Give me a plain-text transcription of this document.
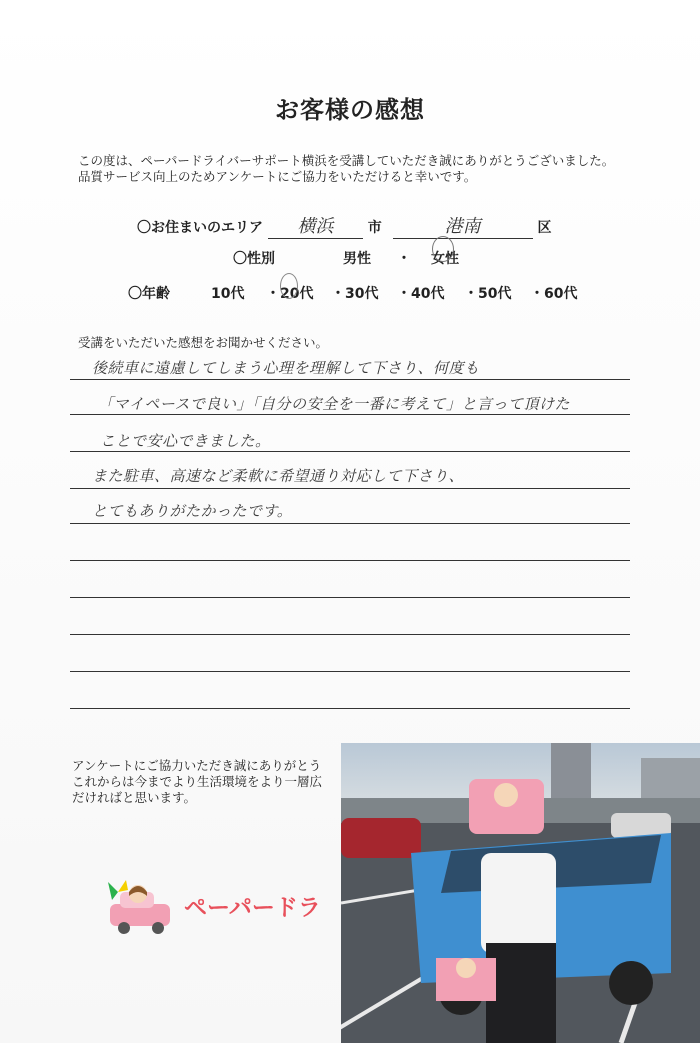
お客様の感想
この度は、ペーパードライバーサポート横浜を受講していただき誠にありがとうございました。
品質サービス向上のためアンケートにご協力をいただけると幸いです。
〇お住まいのエリア 横浜 市	港南	区
〇性別	男性 ・ 女性
〇年齢	10代 ・20代 ・30代 ・40代 ・50代 ・60代
受講をいただいた感想をお聞かせください。
後続車に遠慮してしまう心理を理解して下さり、何度も
「マイペースで良い」「自分の安全を一番に考えて」と言って頂けた
ことで安心できました。
また駐車、高速など柔軟に希望通り対応して下さり、
とてもありがたかったです。
アンケートにご協力いただき誠にありがとう
これからは今までより生活環境をより一層広
だければと思います。
ペーパードラ
